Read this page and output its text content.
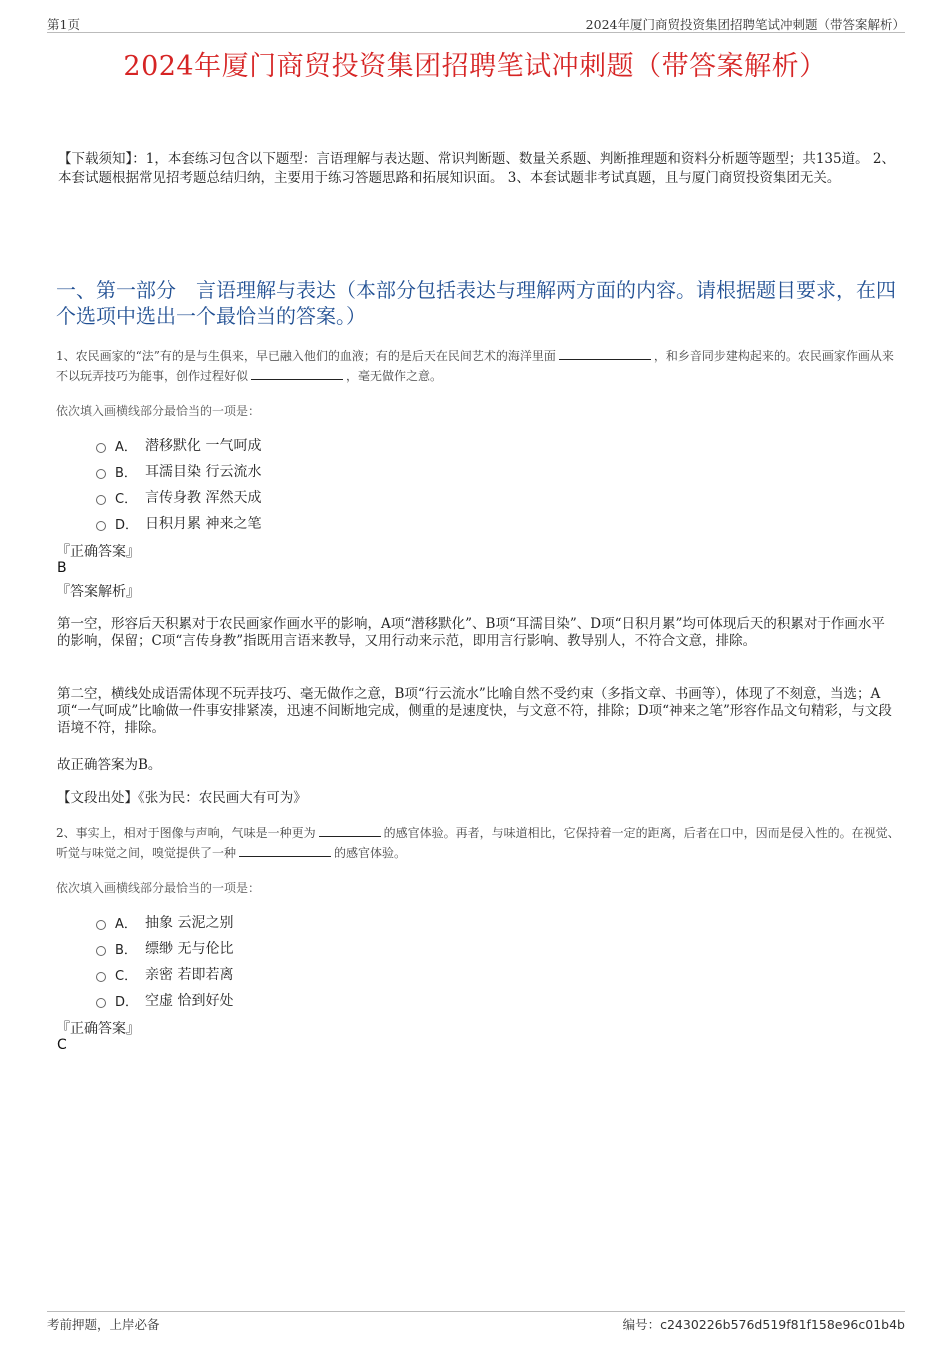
第1页	2024年厦门商贸投资集团招聘笔试冲刺题（带答案解析）
2024年厦门商贸投资集团招聘笔试冲刺题（带答案解析）
【下载须知】：1，本套练习包含以下题型：言语理解与表达题、常识判断题、数量关系题、判断推理题和资料分析题等题型；共135道。 2、本套试题根据常见招考题总结归纳，主要用于练习答题思路和拓展知识面。 3、本套试题非考试真题，且与厦门商贸投资集团无关。
一、第一部分　言语理解与表达（本部分包括表达与理解两方面的内容。请根据题目要求，在四个选项中选出一个最恰当的答案。）
1、农民画家的“法”有的是与生俱来，早已融入他们的血液；有的是后天在民间艺术的海洋里面	，和乡音同步建构起来的。农民画家作画从来不以玩弄技巧为能事，创作过程好似	，毫无做作之意。
依次填入画横线部分最恰当的一项是：
A． 潜移默化 一气呵成
B． 耳濡目染 行云流水
C． 言传身教 浑然天成
D． 日积月累 神来之笔
『正确答案』
B
『答案解析』
第一空，形容后天积累对于农民画家作画水平的影响，A项“潜移默化”、B项“耳濡目染”、D项“日积月累”均可体现后天的积累对于作画水平的影响，保留；C项“言传身教”指既用言语来教导，又用行动来示范，即用言行影响、教导别人，不符合文意，排除。
第二空，横线处成语需体现不玩弄技巧、毫无做作之意，B项“行云流水”比喻自然不受约束（多指文章、书画等），体现了不刻意，当选；A项“一气呵成”比喻做一件事安排紧凑，迅速不间断地完成，侧重的是速度快，与文意不符，排除；D项“神来之笔”形容作品文句精彩，与文段语境不符，排除。
故正确答案为B。
【文段出处】《张为民：农民画大有可为》
2、事实上，相对于图像与声响，气味是一种更为	的感官体验。再者，与味道相比，它保持着一定的距离，后者在口中，因而是侵入性的。在视觉、听觉与味觉之间，嗅觉提供了一种	的感官体验。
依次填入画横线部分最恰当的一项是：
A． 抽象 云泥之别
B． 缥缈 无与伦比
C． 亲密 若即若离
D． 空虚 恰到好处
『正确答案』
C
考前押题，上岸必备	编号：c2430226b576d519f81f158e96c01b4b
